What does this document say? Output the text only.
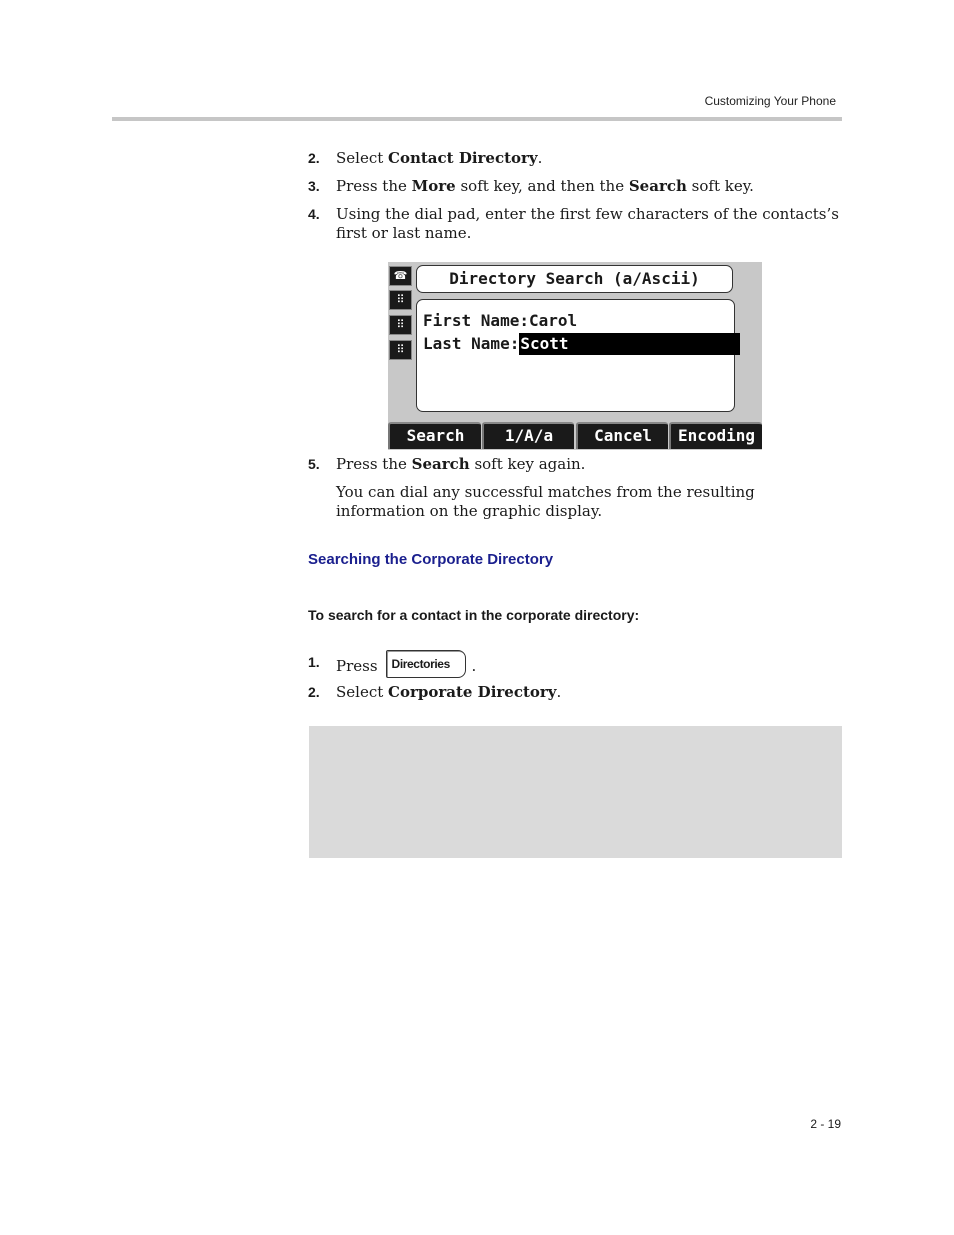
Customizing Your Phone
2. Select Contact Directory.
3. Press the More soft key, and then the Search soft key.
4. Using the dial pad, enter the first few characters of the contacts’s first or last name.
☎
⠿
⠿
⠿
Directory Search (a/Ascii)
First Name:Carol
Last Name:Scott
Search	1/A/a	Cancel	Encoding
5. Press the Search soft key again.
You can dial any successful matches from the resulting information on the graphic display.
Searching the Corporate Directory
To search for a contact in the corporate directory:
1. Press Directories .
2. Select Corporate Directory.
2 - 19
